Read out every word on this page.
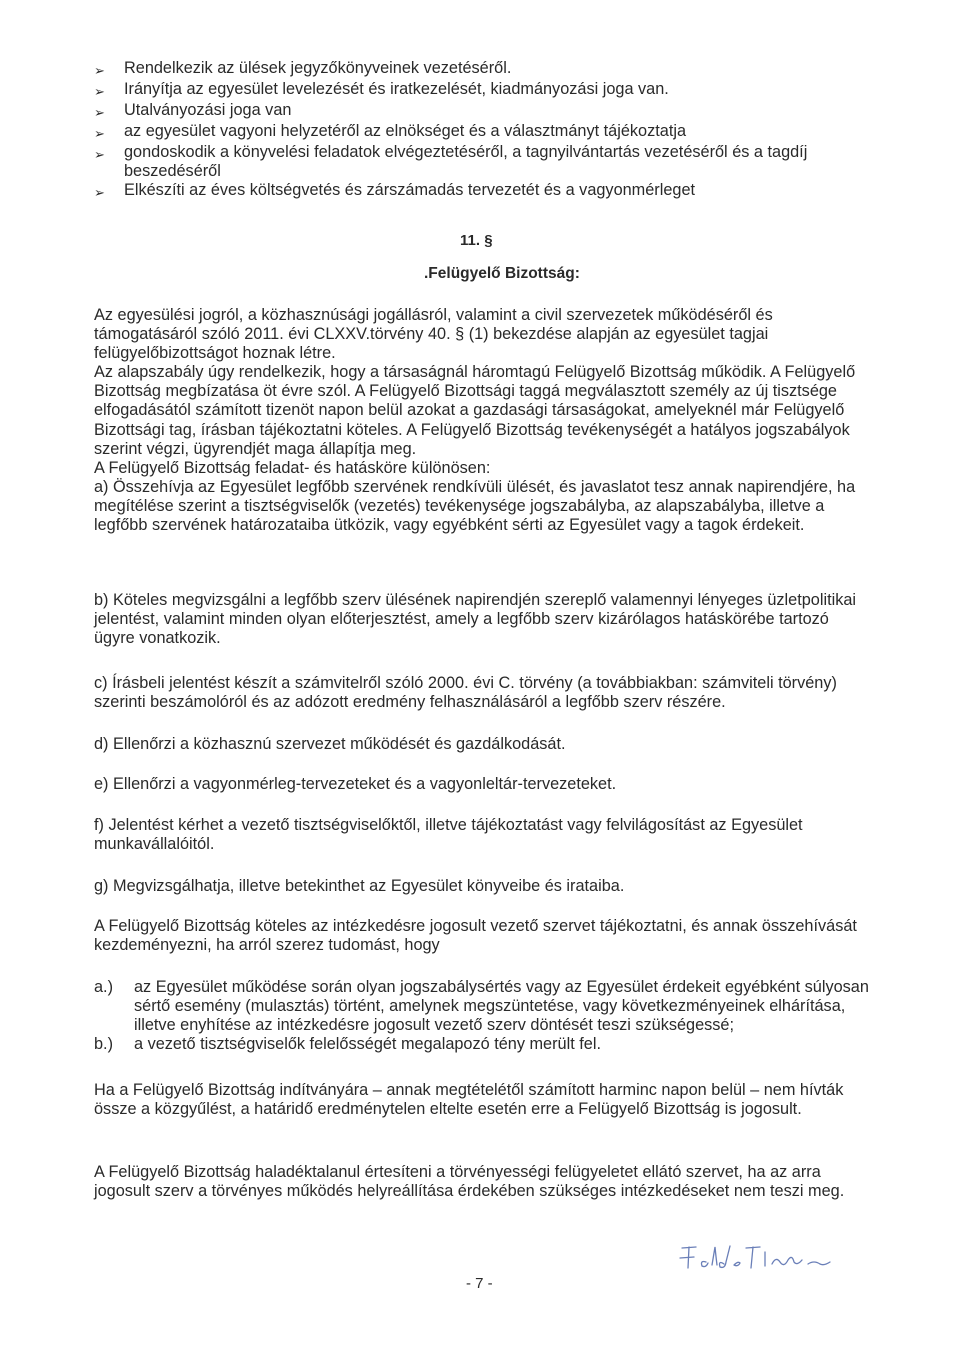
➢	Rendelkezik az ülések jegyzőkönyveinek vezetéséről.
➢	Irányítja az egyesület levelezését és iratkezelését, kiadmányozási joga van.
➢	Utalványozási joga van
➢	az egyesület vagyoni helyzetéről az elnökséget és a választmányt tájékoztatja
➢	gondoskodik a könyvelési feladatok elvégeztetéséről, a tagnyilvántartás vezetéséről és a tagdíj beszedéséről
➢	Elkészíti az éves költségvetés és zárszámadás tervezetét és a vagyonmérleget
11. §
.Felügyelő Bizottság:

Az egyesülési jogról, a közhasznúsági jogállásról, valamint a civil szervezetek működéséről és támogatásáról szóló 2011. évi CLXXV.törvény 40. § (1) bekezdése alapján az egyesület tagjai felügyelőbizottságot hoznak létre.

Az alapszabály úgy rendelkezik, hogy a társaságnál háromtagú Felügyelő Bizottság működik. A Felügyelő Bizottság megbízatása öt évre szól. A Felügyelő Bizottsági taggá megválasztott személy az új tisztsége elfogadásától számított tizenöt napon belül azokat a gazdasági társaságokat, amelyeknél már Felügyelő Bizottsági tag, írásban tájékoztatni köteles. A Felügyelő Bizottság tevékenységét a hatályos jogszabályok szerint végzi, ügyrendjét maga állapítja meg.

A Felügyelő Bizottság feladat- és hatásköre különösen:

a) Összehívja az Egyesület legfőbb szervének rendkívüli ülését, és javaslatot tesz annak napirendjére, ha megítélése szerint a tisztségviselők (vezetés) tevékenysége jogszabályba, az alapszabályba, illetve a legfőbb szervének határozataiba ütközik, vagy egyébként sérti az Egyesület vagy a tagok érdekeit.

b) Köteles megvizsgálni a legfőbb szerv ülésének napirendjén szereplő valamennyi lényeges üzletpolitikai jelentést, valamint minden olyan előterjesztést, amely a legfőbb szerv kizárólagos hatáskörébe tartozó ügyre vonatkozik.
c) Írásbeli jelentést készít a számvitelről szóló 2000. évi C. törvény (a továbbiakban: számviteli törvény) szerinti beszámolóról és az adózott eredmény felhasználásáról a legfőbb szerv részére.
d) Ellenőrzi a közhasznú szervezet működését és gazdálkodását.
e) Ellenőrzi a vagyonmérleg-tervezeteket és a vagyonleltár-tervezeteket.
f) Jelentést kérhet a vezető tisztségviselőktől, illetve tájékoztatást vagy felvilágosítást az Egyesület munkavállalóitól.
g) Megvizsgálhatja, illetve betekinthet az Egyesület könyveibe és irataiba.
A Felügyelő Bizottság köteles az intézkedésre jogosult vezető szervet tájékoztatni, és annak összehívását kezdeményezni, ha arról szerez tudomást, hogy
a.)	az Egyesület működése során olyan jogszabálysértés vagy az Egyesület érdekeit egyébként súlyosan sértő esemény (mulasztás) történt, amelynek megszüntetése, vagy következményeinek elhárítása, illetve enyhítése az intézkedésre jogosult vezető szerv döntését teszi szükségessé;
b.)	a vezető tisztségviselők felelősségét megalapozó tény merült fel.
Ha a Felügyelő Bizottság indítványára – annak megtételétől számított harminc napon belül – nem hívták össze a közgyűlést, a határidő eredménytelen eltelte esetén erre a Felügyelő Bizottság is jogosult.
A Felügyelő Bizottság haladéktalanul értesíteni a törvényességi felügyeletet ellátó szervet, ha az arra jogosult szerv a törvényes működés helyreállítása érdekében szükséges intézkedéseket nem teszi meg.
- 7 -
